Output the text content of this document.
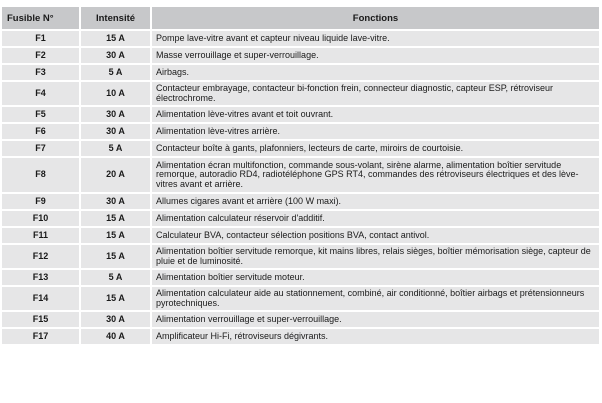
Fusible N°	Intensité	Fonctions
F1	15 A	Pompe lave-vitre avant et capteur niveau liquide lave-vitre.
F2	30 A	Masse verrouillage et super-verrouillage.
F3	5 A	Airbags.
F4	10 A	Contacteur embrayage, contacteur bi-fonction frein, connecteur diagnostic, capteur ESP, rétroviseur électrochrome.
F5	30 A	Alimentation lève-vitres avant et toit ouvrant.
F6	30 A	Alimentation lève-vitres arrière.
F7	5 A	Contacteur boîte à gants, plafonniers, lecteurs de carte, miroirs de courtoisie.
F8	20 A	Alimentation écran multifonction, commande sous-volant, sirène alarme, alimentation boîtier servitude remorque, autoradio RD4, radiotéléphone GPS RT4, commandes des rétroviseurs électriques et des lève-vitres avant et arrière.
F9	30 A	Allumes cigares avant et arrière (100 W maxi).
F10	15 A	Alimentation calculateur réservoir d'additif.
F11	15 A	Calculateur BVA, contacteur sélection positions BVA, contact antivol.
F12	15 A	Alimentation boîtier servitude remorque, kit mains libres, relais sièges, boîtier mémorisation siège, capteur de pluie et de luminosité.
F13	5 A	Alimentation boîtier servitude moteur.
F14	15 A	Alimentation calculateur aide au stationnement, combiné, air conditionné, boîtier airbags et prétensionneurs pyrotechniques.
F15	30 A	Alimentation verrouillage et super-verrouillage.
F17	40 A	Amplificateur Hi-Fi, rétroviseurs dégivrants.
